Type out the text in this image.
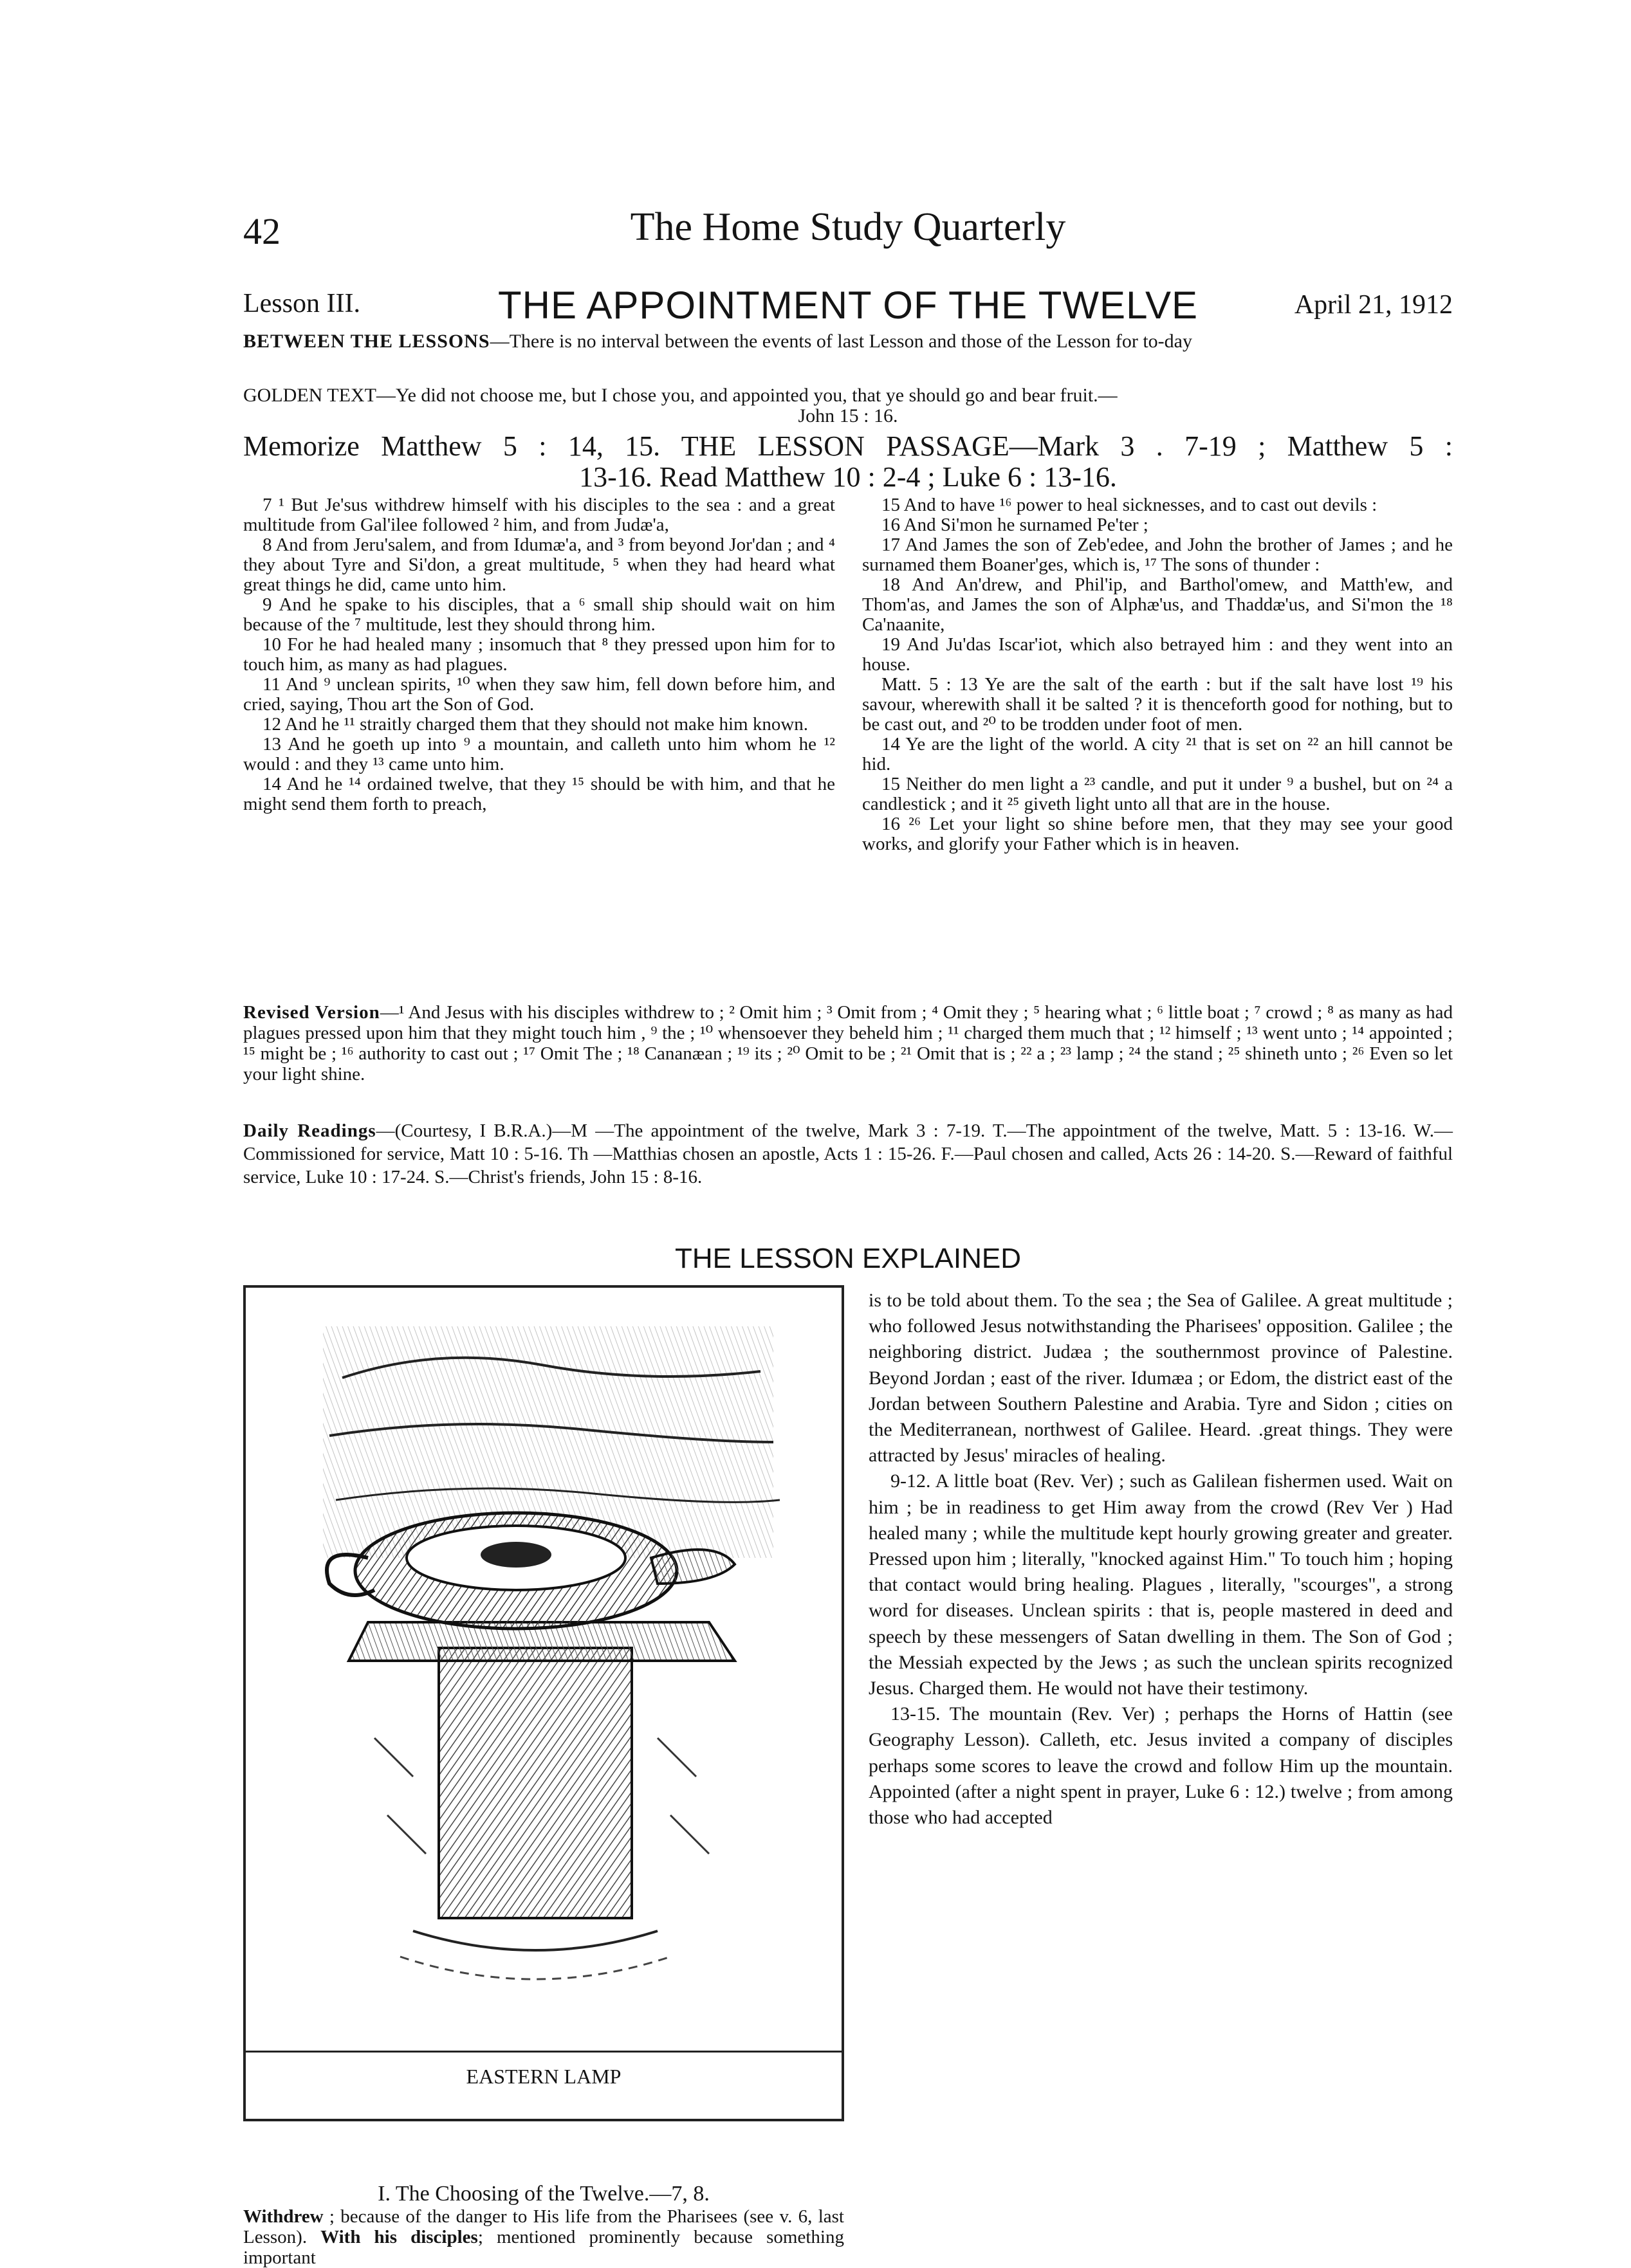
42	The Home Study Quarterly
Lesson III.	THE APPOINTMENT OF THE TWELVE	April 21, 1912
BETWEEN THE LESSONS—There is no interval between the events of last Lesson and those of the Lesson for to-day
GOLDEN TEXT—Ye did not choose me, but I chose you, and appointed you, that ye should go and bear fruit.—
John 15 : 16.
Memorize Matthew 5 : 14, 15. THE LESSON PASSAGE—Mark 3 . 7-19 ; Matthew 5 :
13-16. Read Matthew 10 : 2-4 ; Luke 6 : 13-16.

7 ¹ But Je'sus withdrew himself with his disciples to the sea : and a great multitude from Gal'ilee followed ² him, and from Judæ'a,

8 And from Jeru'salem, and from Idumæ'a, and ³ from beyond Jor'dan ; and ⁴ they about Tyre and Si'don, a great multitude, ⁵ when they had heard what great things he did, came unto him.

9 And he spake to his disciples, that a ⁶ small ship should wait on him because of the ⁷ multitude, lest they should throng him.

10 For he had healed many ; insomuch that ⁸ they pressed upon him for to touch him, as many as had plagues.

11 And ⁹ unclean spirits, ¹⁰ when they saw him, fell down before him, and cried, saying, Thou art the Son of God.

12 And he ¹¹ straitly charged them that they should not make him known.

13 And he goeth up into ⁹ a mountain, and calleth unto him whom he ¹² would : and they ¹³ came unto him.

14 And he ¹⁴ ordained twelve, that they ¹⁵ should be with him, and that he might send them forth to preach,

15 And to have ¹⁶ power to heal sicknesses, and to cast out devils :

16 And Si'mon he surnamed Pe'ter ;

17 And James the son of Zeb'edee, and John the brother of James ; and he surnamed them Boaner'ges, which is, ¹⁷ The sons of thunder :

18 And An'drew, and Phil'ip, and Barthol'omew, and Matth'ew, and Thom'as, and James the son of Alphæ'us, and Thaddæ'us, and Si'mon the ¹⁸ Ca'naanite,

19 And Ju'das Iscar'iot, which also betrayed him : and they went into an house.

Matt. 5 : 13 Ye are the salt of the earth : but if the salt have lost ¹⁹ his savour, wherewith shall it be salted ? it is thenceforth good for nothing, but to be cast out, and ²⁰ to be trodden under foot of men.

14 Ye are the light of the world. A city ²¹ that is set on ²² an hill cannot be hid.

15 Neither do men light a ²³ candle, and put it under ⁹ a bushel, but on ²⁴ a candlestick ; and it ²⁵ giveth light unto all that are in the house.

16 ²⁶ Let your light so shine before men, that they may see your good works, and glorify your Father which is in heaven.

Revised Version—¹ And Jesus with his disciples withdrew to ; ² Omit him ; ³ Omit from ; ⁴ Omit they ; ⁵ hearing what ; ⁶ little boat ; ⁷ crowd ; ⁸ as many as had plagues pressed upon him that they might touch him , ⁹ the ; ¹⁰ whensoever they beheld him ; ¹¹ charged them much that ; ¹² himself ; ¹³ went unto ; ¹⁴ appointed ; ¹⁵ might be ; ¹⁶ authority to cast out ; ¹⁷ Omit The ; ¹⁸ Cananæan ; ¹⁹ its ; ²⁰ Omit to be ; ²¹ Omit that is ; ²² a ; ²³ lamp ; ²⁴ the stand ; ²⁵ shineth unto ; ²⁶ Even so let your light shine.
Daily Readings—(Courtesy, I B.R.A.)—M —The appointment of the twelve, Mark 3 : 7-19. T.—The appointment of the twelve, Matt. 5 : 13-16. W.—Commissioned for service, Matt 10 : 5-16. Th —Matthias chosen an apostle, Acts 1 : 15-26. F.—Paul chosen and called, Acts 26 : 14-20. S.—Reward of faithful service, Luke 10 : 17-24. S.—Christ's friends, John 15 : 8-16.
THE LESSON EXPLAINED
EASTERN LAMP
I. The Choosing of the Twelve.—7, 8.
Withdrew ; because of the danger to His life from the Pharisees (see v. 6, last Lesson). With his disciples; mentioned prominently because something important

is to be told about them. To the sea ; the Sea of Galilee. A great multitude ; who followed Jesus notwithstanding the Pharisees' opposition. Galilee ; the neighboring district. Judæa ; the southernmost province of Palestine. Beyond Jordan ; east of the river. Idumæa ; or Edom, the district east of the Jordan between Southern Palestine and Arabia. Tyre and Sidon ; cities on the Mediterranean, northwest of Galilee. Heard. .great things. They were attracted by Jesus' miracles of healing.

9-12. A little boat (Rev. Ver) ; such as Galilean fishermen used. Wait on him ; be in readiness to get Him away from the crowd (Rev Ver ) Had healed many ; while the multitude kept hourly growing greater and greater. Pressed upon him ; literally, "knocked against Him." To touch him ; hoping that contact would bring healing. Plagues , literally, "scourges", a strong word for diseases. Unclean spirits : that is, people mastered in deed and speech by these messengers of Satan dwelling in them. The Son of God ; the Messiah expected by the Jews ; as such the unclean spirits recognized Jesus. Charged them. He would not have their testimony.

13-15. The mountain (Rev. Ver) ; perhaps the Horns of Hattin (see Geography Lesson). Calleth, etc. Jesus invited a company of disciples perhaps some scores to leave the crowd and follow Him up the mountain. Appointed (after a night spent in prayer, Luke 6 : 12.) twelve ; from among those who had accepted
